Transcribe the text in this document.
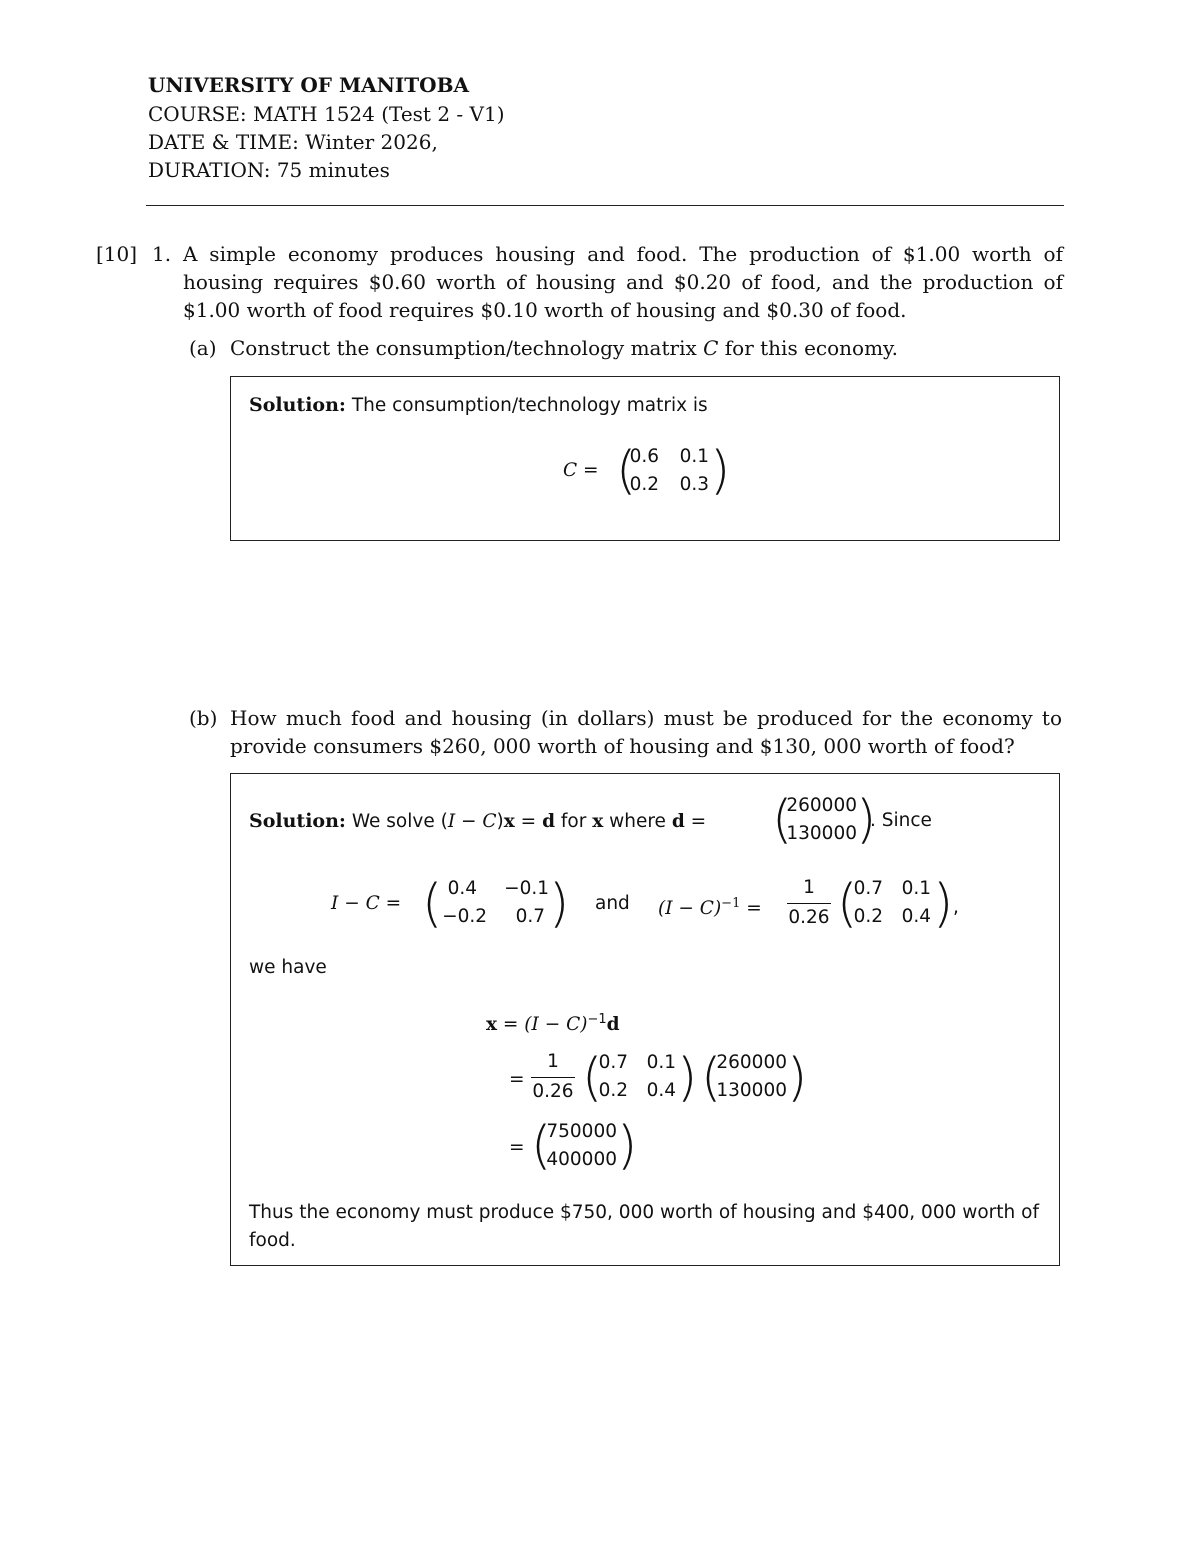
UNIVERSITY OF MANITOBA
COURSE: MATH 1524 (Test 2 - V1)
DATE & TIME: Winter 2026,
DURATION: 75 minutes
[10] 1. A simple economy produces housing and food. The production of $1.00 worth of housing requires $0.60 worth of housing and $0.20 of food, and the production of $1.00 worth of food requires $0.10 worth of housing and $0.30 of food.
(a) Construct the consumption/technology matrix C for this economy.
Solution: The consumption/technology matrix is
C = (
0.6	0.1
0.2	0.3 )
(b) How much food and housing (in dollars) must be produced for the economy to provide consumers $260, 000 worth of housing and $130, 000 worth of food?
Solution: We solve (I − C)x = d for x where d = (
260000
130000 )
. Since
I − C = ( 0.4	−0.1
−0.2	0.7 ) and $(I - C)^{-1}$ =
1
0.26 (
0.7	0.1
0.2	0.4 ) ,
we have
$x = (I - C)^{-1}d$
=
1
0.26 (
0.7	0.1
0.2	0.4 ) (
260000
130000 )
= (
750000
400000 )
Thus the economy must produce $750, 000 worth of housing and $400, 000 worth of food.
